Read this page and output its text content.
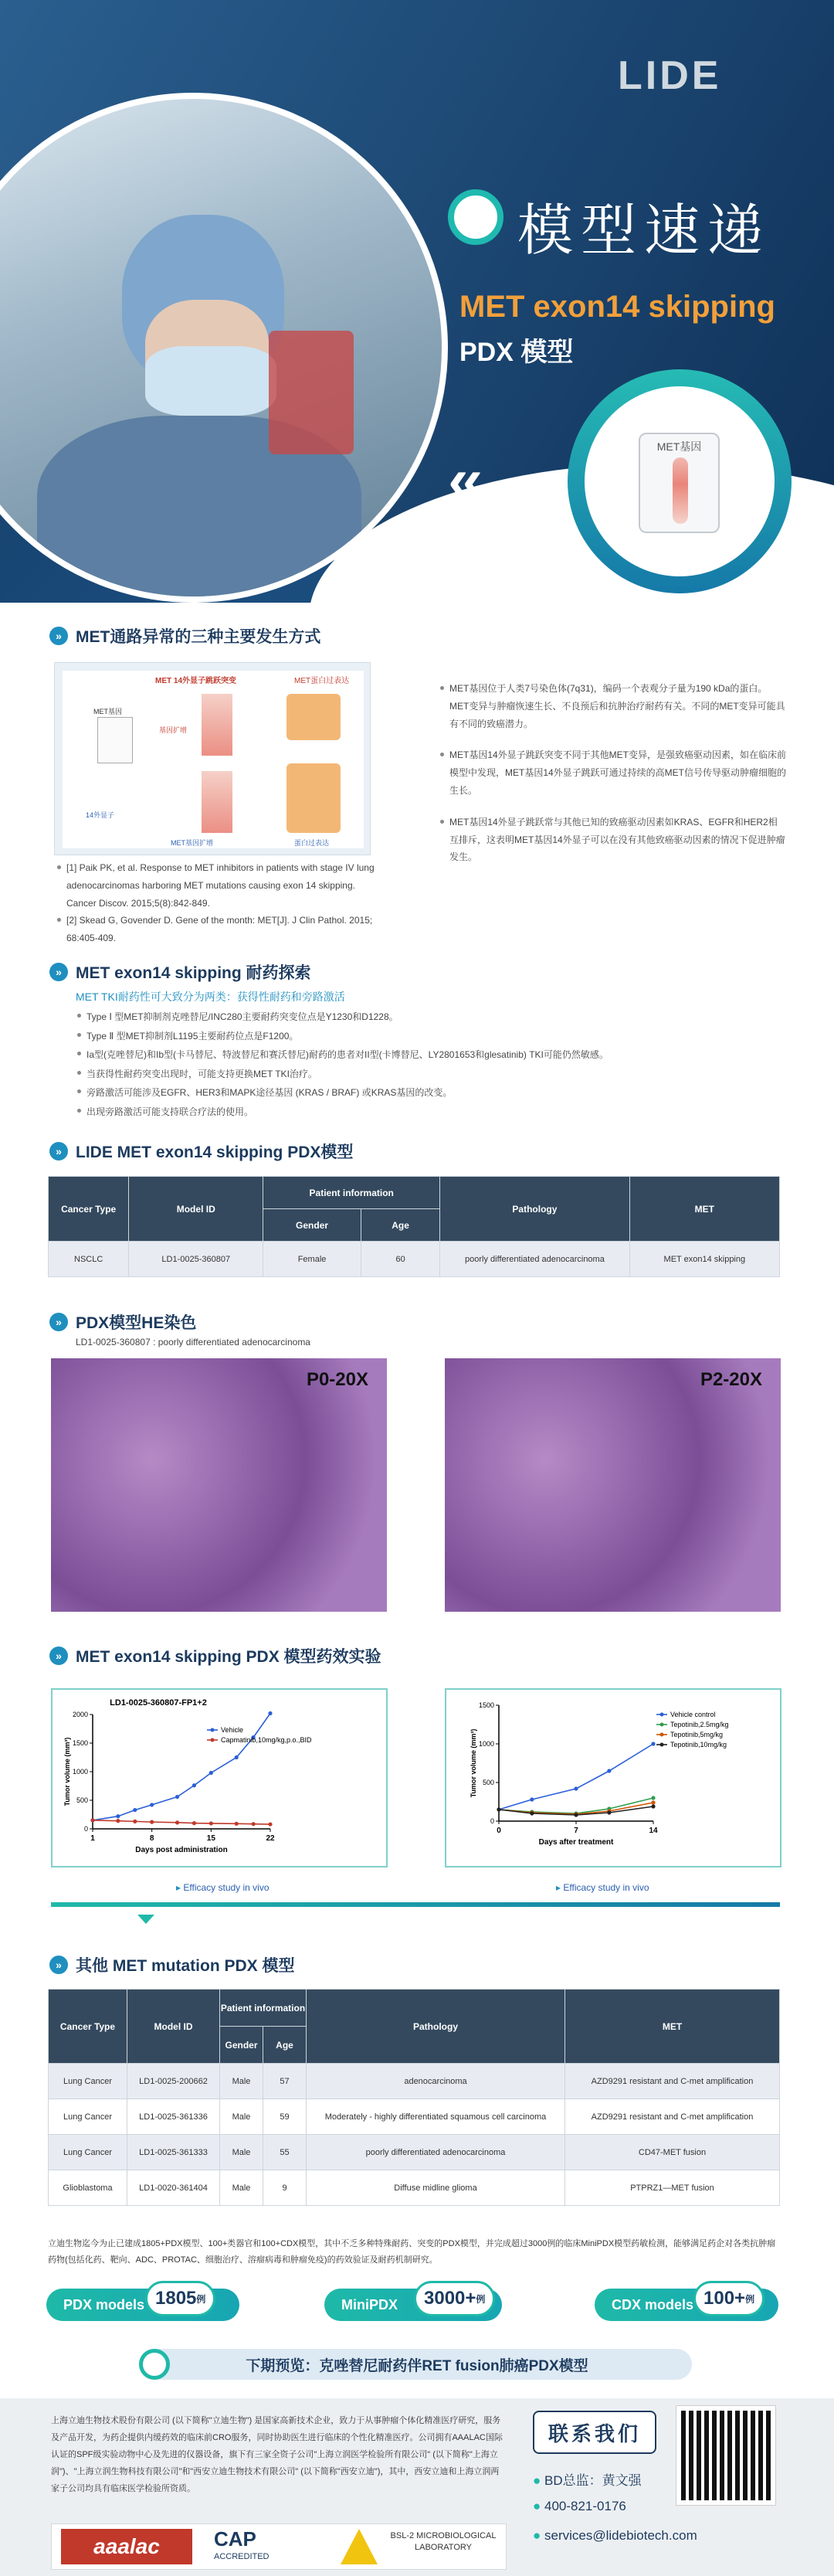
LIDE
模型速递
MET exon14 skipping
PDX 模型
‹‹	MET基因
» MET通路异常的三种主要发生方式
MET 14外显子跳跃突变	MET蛋白过表达
MET基因
基因扩增
14外显子
蛋白过表达
MET基因扩增
[1] Paik PK, et al. Response to MET inhibitors in patients with stage IV lung adenocarcinomas harboring MET mutations causing exon 14 skipping. Cancer Discov. 2015;5(8):842-849.
[2] Skead G, Govender D. Gene of the month: MET[J]. J Clin Pathol. 2015; 68:405-409.
MET基因位于人类7号染色体(7q31)，编码一个表观分子量为190 kDa的蛋白。MET变异与肿瘤恢速生长、不良预后和抗肿治疗耐药有关。不同的MET变异可能具有不同的致癌潜力。
MET基因14外显子跳跃突变不同于其他MET变异，是强致癌驱动因素，如在临床前模型中发现，MET基因14外显子跳跃可通过持续的高MET信号传导驱动肿瘤细胞的生长。
MET基因14外显子跳跃常与其他已知的致癌驱动因素如KRAS、EGFR和HER2相互排斥，这表明MET基因14外显子可以在没有其他致癌驱动因素的情况下促进肿瘤发生。
» MET exon14 skipping 耐药探索
MET TKI耐药性可大致分为两类：获得性耐药和旁路激活
Type Ⅰ 型MET抑制剂克唑替尼/INC280主要耐药突变位点是Y1230和D1228。
Type Ⅱ 型MET抑制剂L1195主要耐药位点是F1200。
Ia型(克唑替尼)和Ib型(卡马替尼、特波替尼和赛沃替尼)耐药的患者对II型(卡博替尼、LY2801653和glesatinib) TKI可能仍然敏感。
当获得性耐药突变出现时，可能支持更换MET TKI治疗。
旁路激活可能涉及EGFR、HER3和MAPK途径基因 (KRAS / BRAF) 或KRAS基因的改变。
出现旁路激活可能支持联合疗法的使用。
» LIDE MET exon14 skipping PDX模型
Cancer Type	Model ID	Patient information		Pathology	MET
		Gender	Age		
NSCLC	LD1-0025-360807	Female	60	poorly differentiated adenocarcinoma	MET exon14 skipping
» PDX模型HE染色
LD1-0025-360807 : poorly differentiated adenocarcinoma
P0-20X	P2-20X
» MET exon14 skipping PDX 模型药效实验
0
500
1000
1500
2000
1	8	15	22
Days post administration
Tumor volume (mm³)
LD1-0025-360807-FP1+2
Vehicle
Capmatinib,10mg/kg,p.o.,BID
0
500
1000
1500
0	7	14
Days after treatment
Tumor volume (mm³)
Vehicle control
Tepotinib,2.5mg/kg
Tepotinib,5mg/kg
Tepotinib,10mg/kg
▸ Efficacy study in vivo	▸ Efficacy study in vivo
» 其他 MET mutation PDX 模型
Cancer Type	Model ID	Patient information		Pathology	MET
		Gender	Age		
Lung Cancer	LD1-0025-200662	Male	57	adenocarcinoma	AZD9291 resistant and C-met amplification
Lung Cancer	LD1-0025-361336	Male	59	Moderately - highly differentiated squamous cell carcinoma	AZD9291 resistant and C-met amplification
Lung Cancer	LD1-0025-361333	Male	55	poorly differentiated adenocarcinoma	CD47-MET fusion
Glioblastoma	LD1-0020-361404	Male	9	Diffuse midline glioma	PTPRZ1—MET fusion
立迪生物迄今为止已建成1805+PDX模型、100+类器官和100+CDX模型，其中不乏多种特殊耐药、突变的PDX模型，并完成超过3000例的临床MiniPDX模型药敏检测，能够满足药企对各类抗肿瘤药物(包括化药、靶向、ADC、PROTAC、细胞治疗、溶瘤病毒和肿瘤免疫)的药效验证及耐药机制研究。
PDX models 1805 例	MiniPDX 3000+ 例	CDX models 100+ 例
下期预览：克唑替尼耐药伴RET fusion肺癌PDX模型
上海立迪生物技术股份有限公司 (以下简称"立迪生物") 是国家高新技术企业，致力于从事肿瘤个体化精准医疗研究，服务及产品开发，为药企提供内缓药效的临床前CRO服务，同时协助医生进行临床的个性化精准医疗。公司拥有AAALAC国际认证的SPF级实验动物中心及先进的仪器设备，旗下有三家全资子公司"上海立润医学检验所有限公司" (以下简称"上海立润")、"上海立润生物科技有限公司"和"西安立迪生物技术有限公司" (以下简称"西安立迪")，其中，西安立迪和上海立润两家子公司均具有临床医学检验所资质。
联系我们
● BD总监：黄文强
● 400-821-0176
● services@lidebiotech.com
aaalac	CAP
ACCREDITED
BSL-2 MICROBIOLOGICAL LABORATORY
